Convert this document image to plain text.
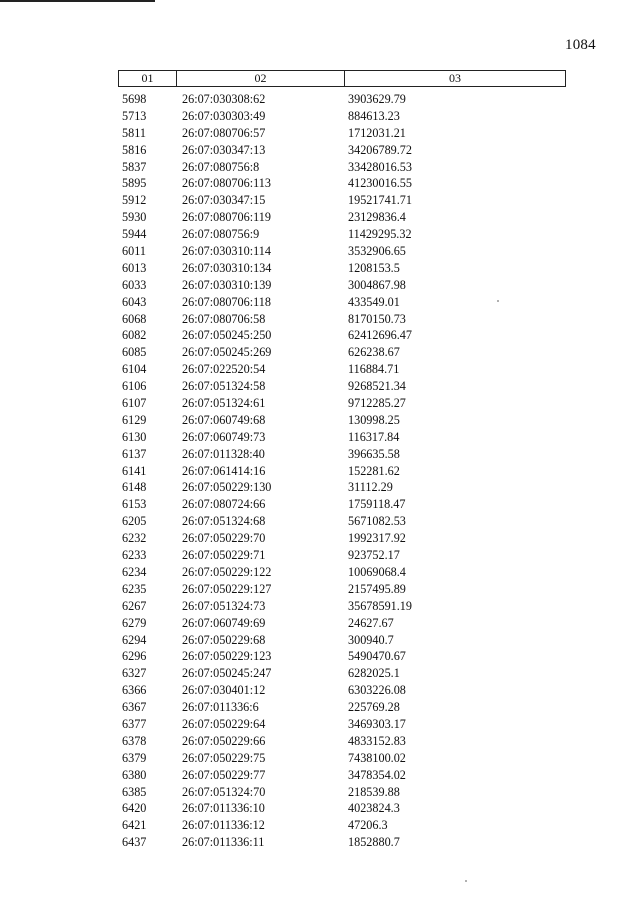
1084
01	02	03
5698	26:07:030308:62	3903629.79
5713	26:07:030303:49	884613.23
5811	26:07:080706:57	1712031.21
5816	26:07:030347:13	34206789.72
5837	26:07:080756:8	33428016.53
5895	26:07:080706:113	41230016.55
5912	26:07:030347:15	19521741.71
5930	26:07:080706:119	23129836.4
5944	26:07:080756:9	11429295.32
6011	26:07:030310:114	3532906.65
6013	26:07:030310:134	1208153.5
6033	26:07:030310:139	3004867.98
6043	26:07:080706:118	433549.01
6068	26:07:080706:58	8170150.73
6082	26:07:050245:250	62412696.47
6085	26:07:050245:269	626238.67
6104	26:07:022520:54	116884.71
6106	26:07:051324:58	9268521.34
6107	26:07:051324:61	9712285.27
6129	26:07:060749:68	130998.25
6130	26:07:060749:73	116317.84
6137	26:07:011328:40	396635.58
6141	26:07:061414:16	152281.62
6148	26:07:050229:130	31112.29
6153	26:07:080724:66	1759118.47
6205	26:07:051324:68	5671082.53
6232	26:07:050229:70	1992317.92
6233	26:07:050229:71	923752.17
6234	26:07:050229:122	10069068.4
6235	26:07:050229:127	2157495.89
6267	26:07:051324:73	35678591.19
6279	26:07:060749:69	24627.67
6294	26:07:050229:68	300940.7
6296	26:07:050229:123	5490470.67
6327	26:07:050245:247	6282025.1
6366	26:07:030401:12	6303226.08
6367	26:07:011336:6	225769.28
6377	26:07:050229:64	3469303.17
6378	26:07:050229:66	4833152.83
6379	26:07:050229:75	7438100.02
6380	26:07:050229:77	3478354.02
6385	26:07:051324:70	218539.88
6420	26:07:011336:10	4023824.3
6421	26:07:011336:12	47206.3
6437	26:07:011336:11	1852880.7
